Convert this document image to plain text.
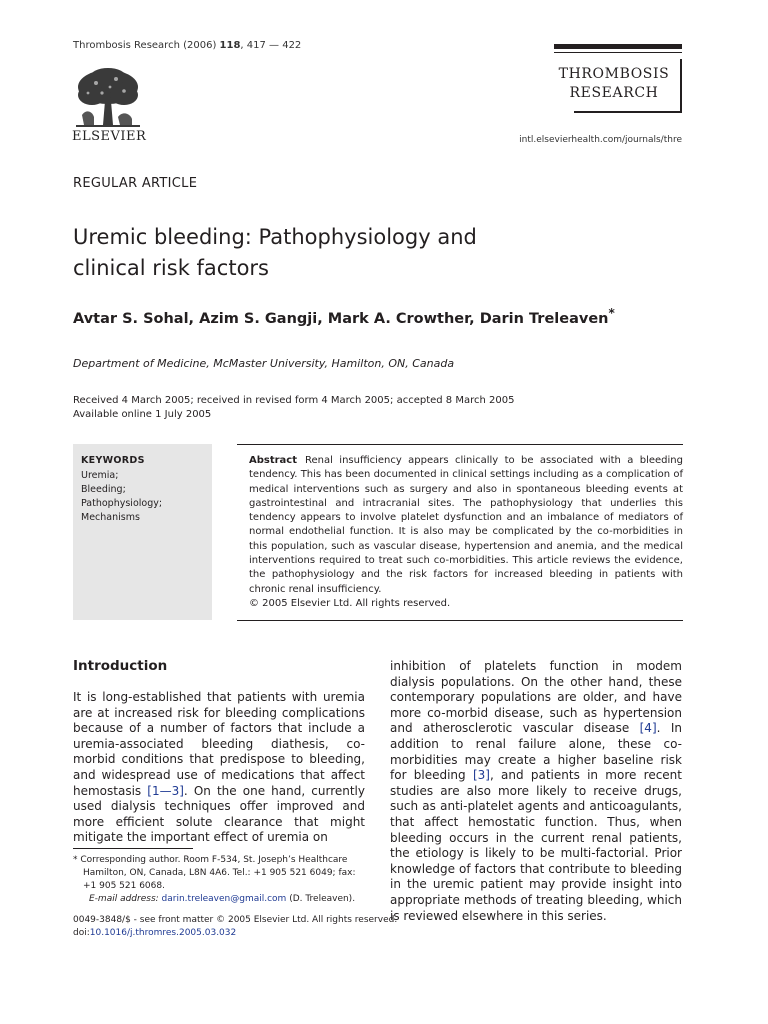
Thrombosis Research (2006) 118, 417 — 422
ELSEVIER
THROMBOSIS
RESEARCH
intl.elsevierhealth.com/journals/thre
REGULAR ARTICLE
Uremic bleeding: Pathophysiology and
clinical risk factors
Avtar S. Sohal, Azim S. Gangji, Mark A. Crowther, Darin Treleaven*
Department of Medicine, McMaster University, Hamilton, ON, Canada
Received 4 March 2005; received in revised form 4 March 2005; accepted 8 March 2005
Available online 1 July 2005
KEYWORDS
Uremia;
Bleeding;
Pathophysiology;
Mechanisms
Abstract Renal insufficiency appears clinically to be associated with a bleeding tendency. This has been documented in clinical settings including as a complication of medical interventions such as surgery and also in spontaneous bleeding events at gastrointestinal and intracranial sites. The pathophysiology that underlies this tendency appears to involve platelet dysfunction and an imbalance of mediators of normal endothelial function. It is also may be complicated by the co-morbidities in this population, such as vascular disease, hypertension and anemia, and the medical interventions required to treat such co-morbidities. This article reviews the evidence, the pathophysiology and the risk factors for increased bleeding in patients with chronic renal insufficiency.
© 2005 Elsevier Ltd. All rights reserved.
Introduction
It is long-established that patients with uremia are at increased risk for bleeding complications because of a number of factors that include a uremia-associated bleeding diathesis, co-morbid conditions that predispose to bleeding, and widespread use of medications that affect hemostasis [1—3]. On the one hand, currently used dialysis techniques offer improved and more efficient solute clearance that might mitigate the important effect of uremia on
inhibition of platelets function in modem dialysis populations. On the other hand, these contemporary populations are older, and have more co-morbid disease, such as hypertension and atherosclerotic vascular disease [4]. In addition to renal failure alone, these co-morbidities may create a higher baseline risk for bleeding [3], and patients in more recent studies are also more likely to receive drugs, such as anti-platelet agents and anticoagulants, that affect hemostatic function. Thus, when bleeding occurs in the current renal patients, the etiology is likely to be multi-factorial. Prior knowledge of factors that contribute to bleeding in the uremic patient may provide insight into appropriate methods of treating bleeding, which is reviewed elsewhere in this series.
* Corresponding author. Room F-534, St. Joseph’s Healthcare Hamilton, ON, Canada, L8N 4A6. Tel.: +1 905 521 6049; fax: +1 905 521 6068.
E-mail address: darin.treleaven@gmail.com (D. Treleaven).
0049-3848/$ - see front matter © 2005 Elsevier Ltd. All rights reserved.
doi:10.1016/j.thromres.2005.03.032
